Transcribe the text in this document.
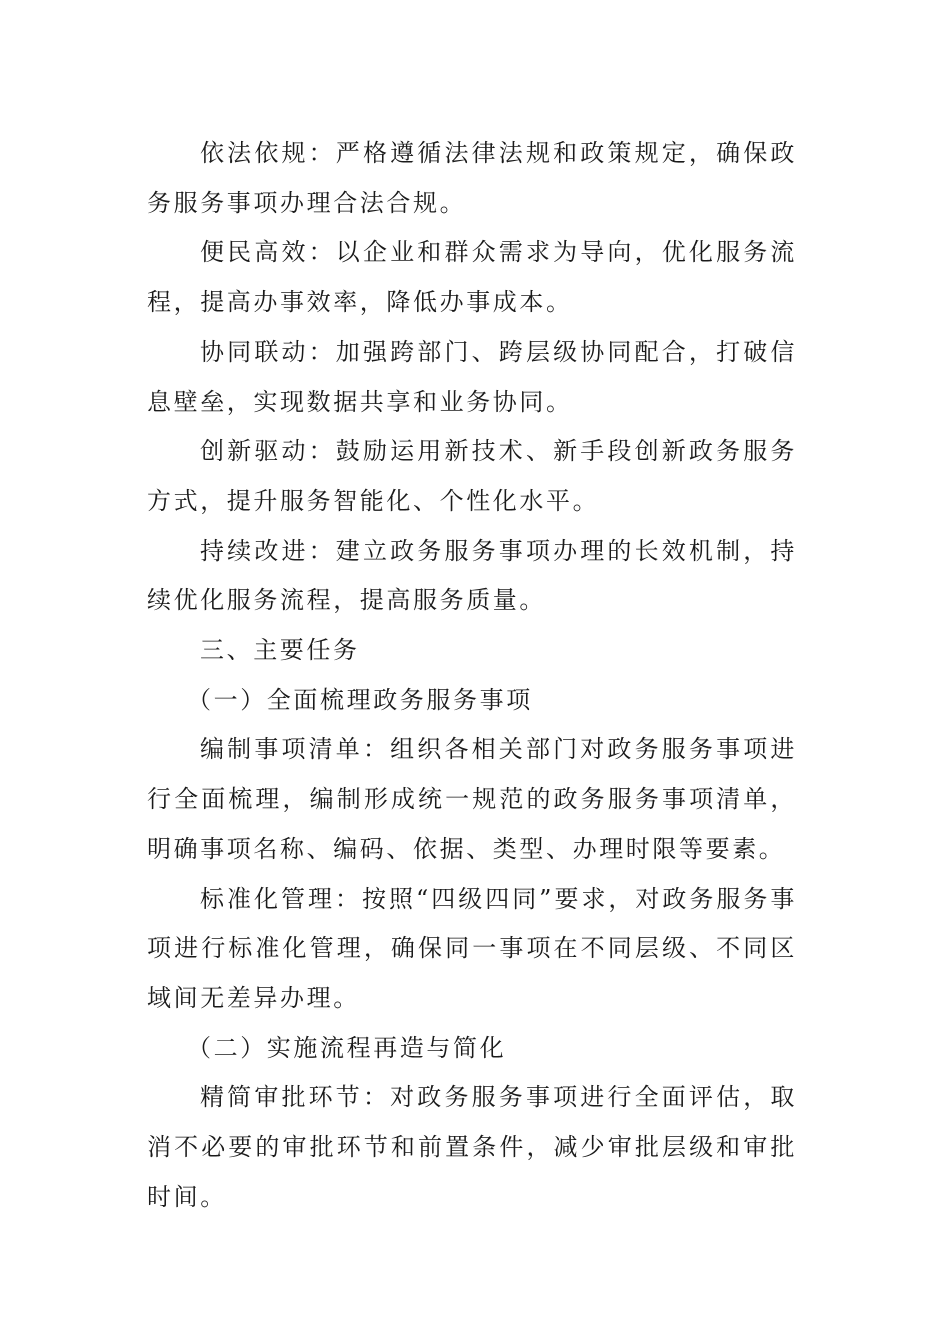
依法依规：严格遵循法律法规和政策规定，确保政务服务事项办理合法合规。

便民高效：以企业和群众需求为导向，优化服务流程，提高办事效率，降低办事成本。

协同联动：加强跨部门、跨层级协同配合，打破信息壁垒，实现数据共享和业务协同。

创新驱动：鼓励运用新技术、新手段创新政务服务方式，提升服务智能化、个性化水平。

持续改进：建立政务服务事项办理的长效机制，持续优化服务流程，提高服务质量。

三、主要任务

（一）全面梳理政务服务事项

编制事项清单：组织各相关部门对政务服务事项进行全面梳理，编制形成统一规范的政务服务事项清单，明确事项名称、编码、依据、类型、办理时限等要素。

标准化管理：按照“四级四同”要求，对政务服务事项进行标准化管理，确保同一事项在不同层级、不同区域间无差异办理。

（二）实施流程再造与简化

精简审批环节：对政务服务事项进行全面评估，取消不必要的审批环节和前置条件，减少审批层级和审批时间。
